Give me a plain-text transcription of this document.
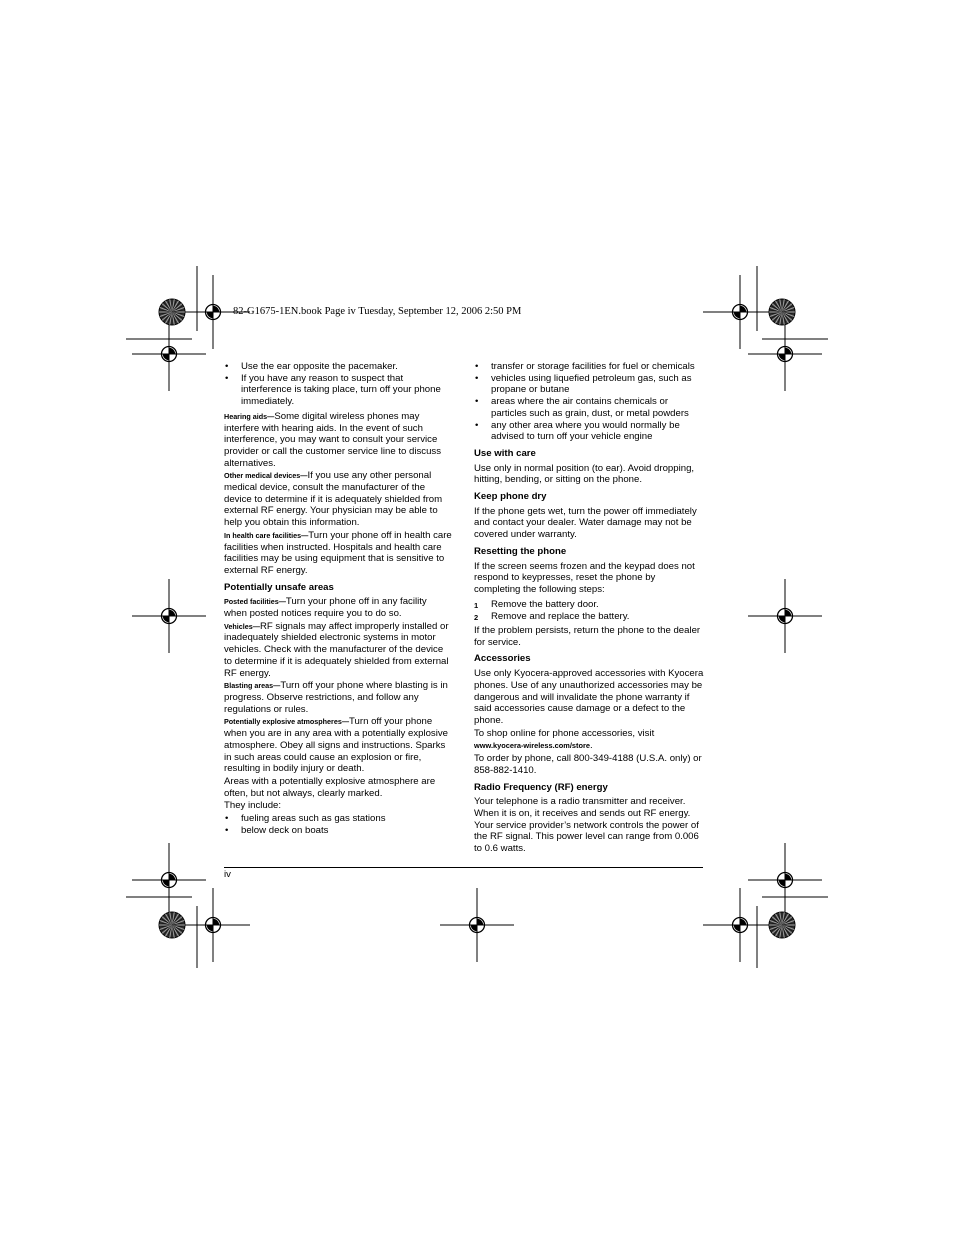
82-G1675-1EN.book Page iv Tuesday, September 12, 2006 2:50 PM
• Use the ear opposite the pacemaker.
• If you have any reason to suspect that interference is taking place, turn off your phone immediately.

Hearing aids—Some digital wireless phones may interfere with hearing aids. In the event of such interference, you may want to consult your service provider or call the customer service line to discuss alternatives.

Other medical devices—If you use any other personal medical device, consult the manufacturer of the device to determine if it is adequately shielded from external RF energy. Your physician may be able to help you obtain this information.

In health care facilities—Turn your phone off in health care facilities when instructed. Hospitals and health care facilities may be using equipment that is sensitive to external RF energy.

Potentially unsafe areas

Posted facilities—Turn your phone off in any facility when posted notices require you to do so.

Vehicles—RF signals may affect improperly installed or inadequately shielded electronic systems in motor vehicles. Check with the manufacturer of the device to determine if it is adequately shielded from external RF energy.

Blasting areas—Turn off your phone where blasting is in progress. Observe restrictions, and follow any regulations or rules.

Potentially explosive atmospheres—Turn off your phone when you are in any area with a potentially explosive atmosphere. Obey all signs and instructions. Sparks in such areas could cause an explosion or fire, resulting in bodily injury or death.

Areas with a potentially explosive atmosphere are often, but not always, clearly marked.

They include:

• fueling areas such as gas stations
• below deck on boats
• transfer or storage facilities for fuel or chemicals
• vehicles using liquefied petroleum gas, such as propane or butane
• areas where the air contains chemicals or particles such as grain, dust, or metal powders
• any other area where you would normally be advised to turn off your vehicle engine
Use with care

Use only in normal position (to ear). Avoid dropping, hitting, bending, or sitting on the phone.

Keep phone dry

If the phone gets wet, turn the power off immediately and contact your dealer. Water damage may not be covered under warranty.

Resetting the phone

If the screen seems frozen and the keypad does not respond to keypresses, reset the phone by completing the following steps:

1 Remove the battery door.
2 Remove and replace the battery.

If the problem persists, return the phone to the dealer for service.

Accessories

Use only Kyocera-approved accessories with Kyocera phones. Use of any unauthorized accessories may be dangerous and will invalidate the phone warranty if said accessories cause damage or a defect to the phone.

To shop online for phone accessories, visit

www.kyocera-wireless.com/store.

To order by phone, call 800-349-4188 (U.S.A. only) or 858-882-1410.

Radio Frequency (RF) energy

Your telephone is a radio transmitter and receiver. When it is on, it receives and sends out RF energy. Your service provider’s network controls the power of the RF signal. This power level can range from 0.006 to 0.6 watts.

iv
